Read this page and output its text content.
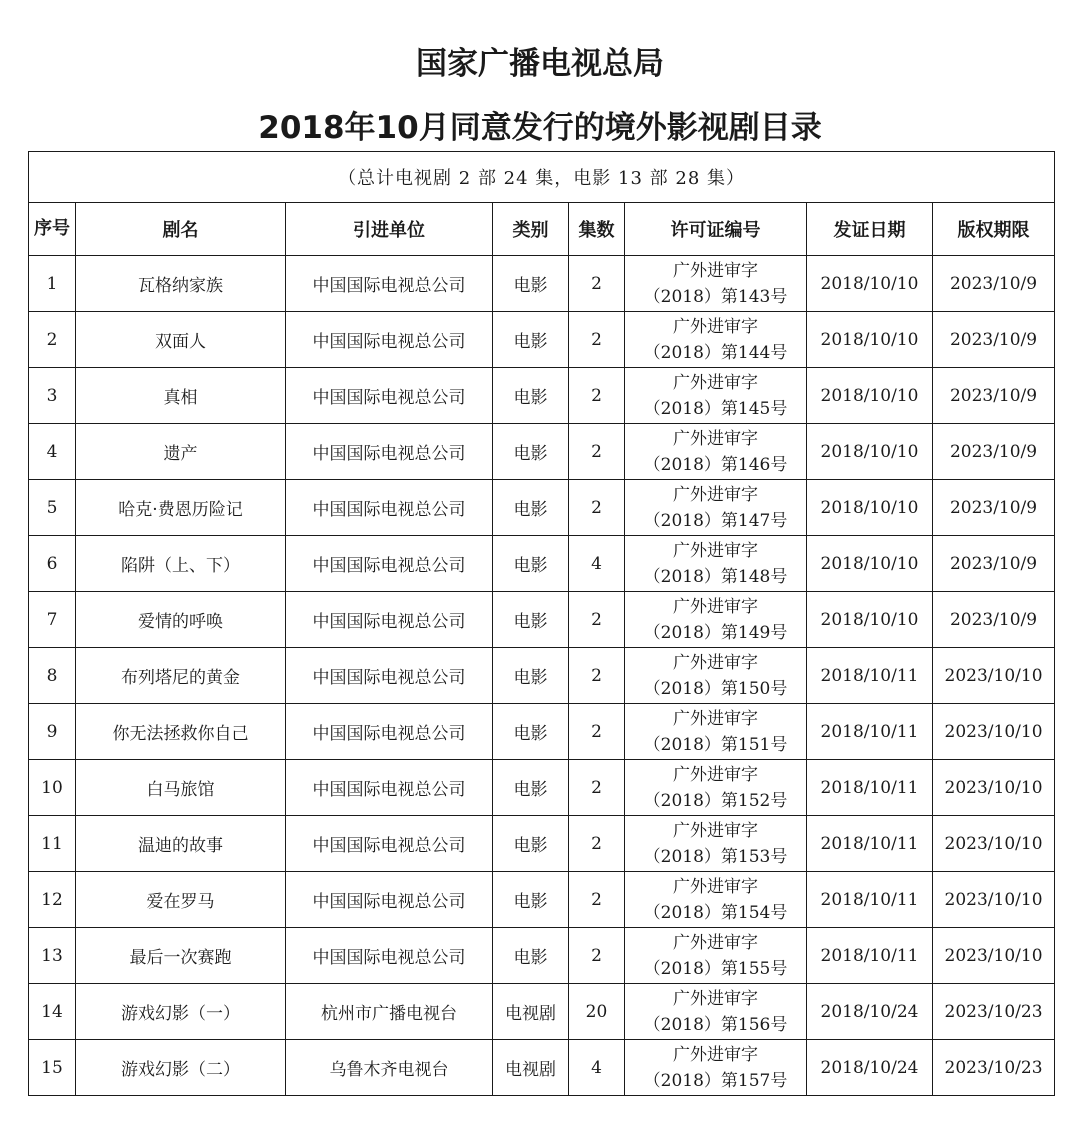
国家广播电视总局
2018年10月同意发行的境外影视剧目录
（总计电视剧 2 部 24 集，电影 13 部 28 集）							
序号	剧名	引进单位	类别	集数	许可证编号	发证日期	版权期限
1	瓦格纳家族	中国国际电视总公司	电影	2	广外进审字
（2018）第143号	2018/10/10	2023/10/9
2	双面人	中国国际电视总公司	电影	2	广外进审字
（2018）第144号	2018/10/10	2023/10/9
3	真相	中国国际电视总公司	电影	2	广外进审字
（2018）第145号	2018/10/10	2023/10/9
4	遗产	中国国际电视总公司	电影	2	广外进审字
（2018）第146号	2018/10/10	2023/10/9
5	哈克·费恩历险记	中国国际电视总公司	电影	2	广外进审字
（2018）第147号	2018/10/10	2023/10/9
6	陷阱（上、下）	中国国际电视总公司	电影	4	广外进审字
（2018）第148号	2018/10/10	2023/10/9
7	爱情的呼唤	中国国际电视总公司	电影	2	广外进审字
（2018）第149号	2018/10/10	2023/10/9
8	布列塔尼的黄金	中国国际电视总公司	电影	2	广外进审字
（2018）第150号	2018/10/11	2023/10/10
9	你无法拯救你自己	中国国际电视总公司	电影	2	广外进审字
（2018）第151号	2018/10/11	2023/10/10
10	白马旅馆	中国国际电视总公司	电影	2	广外进审字
（2018）第152号	2018/10/11	2023/10/10
11	温迪的故事	中国国际电视总公司	电影	2	广外进审字
（2018）第153号	2018/10/11	2023/10/10
12	爱在罗马	中国国际电视总公司	电影	2	广外进审字
（2018）第154号	2018/10/11	2023/10/10
13	最后一次赛跑	中国国际电视总公司	电影	2	广外进审字
（2018）第155号	2018/10/11	2023/10/10
14	游戏幻影（一）	杭州市广播电视台	电视剧	20	广外进审字
（2018）第156号	2018/10/24	2023/10/23
15	游戏幻影（二）	乌鲁木齐电视台	电视剧	4	广外进审字
（2018）第157号	2018/10/24	2023/10/23
